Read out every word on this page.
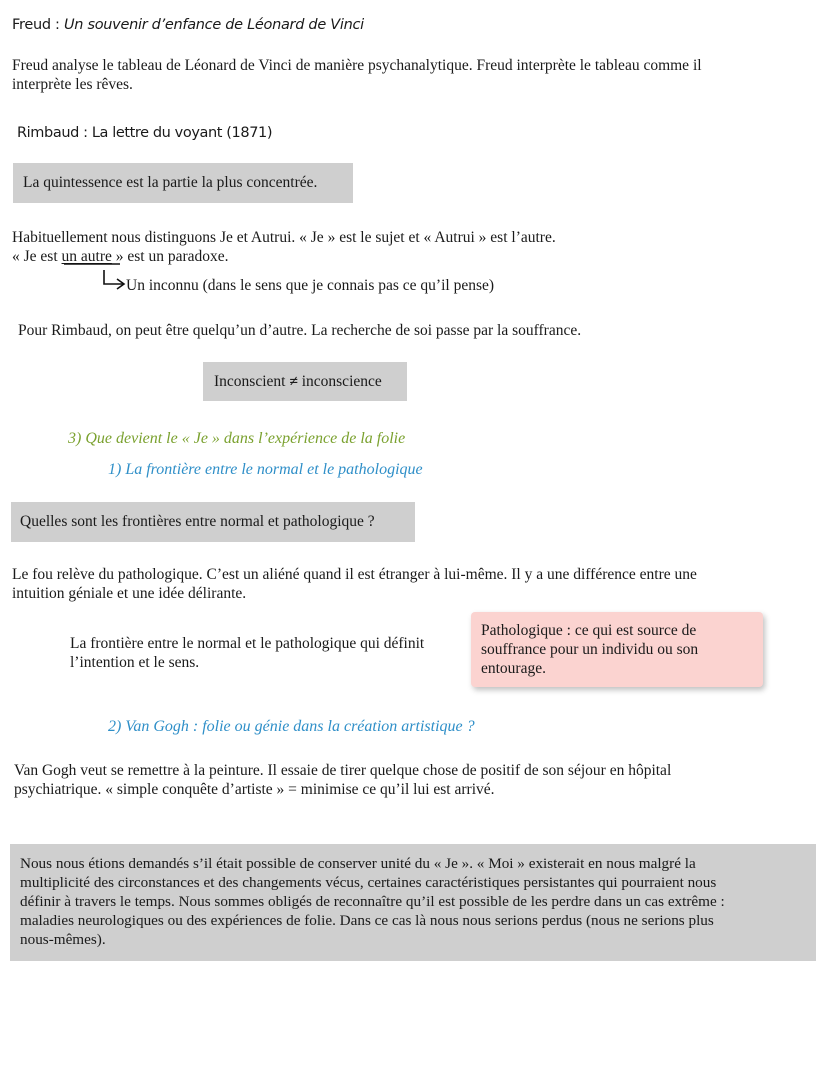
Freud : Un souvenir d’enfance de Léonard de Vinci
Freud analyse le tableau de Léonard de Vinci de manière psychanalytique. Freud interprète le tableau comme il
interprète les rêves.
Rimbaud : La lettre du voyant (1871)
La quintessence est la partie la plus concentrée.
Habituellement nous distinguons Je et Autrui. « Je » est le sujet et « Autrui » est l’autre.
« Je est un autre » est un paradoxe.
Un inconnu (dans le sens que je connais pas ce qu’il pense)
Pour Rimbaud, on peut être quelqu’un d’autre. La recherche de soi passe par la souffrance.
Inconscient ≠ inconscience
3) Que devient le « Je » dans l’expérience de la folie
1) La frontière entre le normal et le pathologique
Quelles sont les frontières entre normal et pathologique ?
Le fou relève du pathologique. C’est un aliéné quand il est étranger à lui-même. Il y a une différence entre une
intuition géniale et une idée délirante.
La frontière entre le normal et le pathologique qui définit
l’intention et le sens.
Pathologique : ce qui est source de
souffrance pour un individu ou son
entourage.
2) Van Gogh : folie ou génie dans la création artistique ?
Van Gogh veut se remettre à la peinture. Il essaie de tirer quelque chose de positif de son séjour en hôpital
psychiatrique. « simple conquête d’artiste » = minimise ce qu’il lui est arrivé.
Nous nous étions demandés s’il était possible de conserver unité du « Je ». « Moi » existerait en nous malgré la
multiplicité des circonstances et des changements vécus, certaines caractéristiques persistantes qui pourraient nous
définir à travers le temps. Nous sommes obligés de reconnaître qu’il est possible de les perdre dans un cas extrême :
maladies neurologiques ou des expériences de folie. Dans ce cas là nous nous serions perdus (nous ne serions plus
nous-mêmes).
